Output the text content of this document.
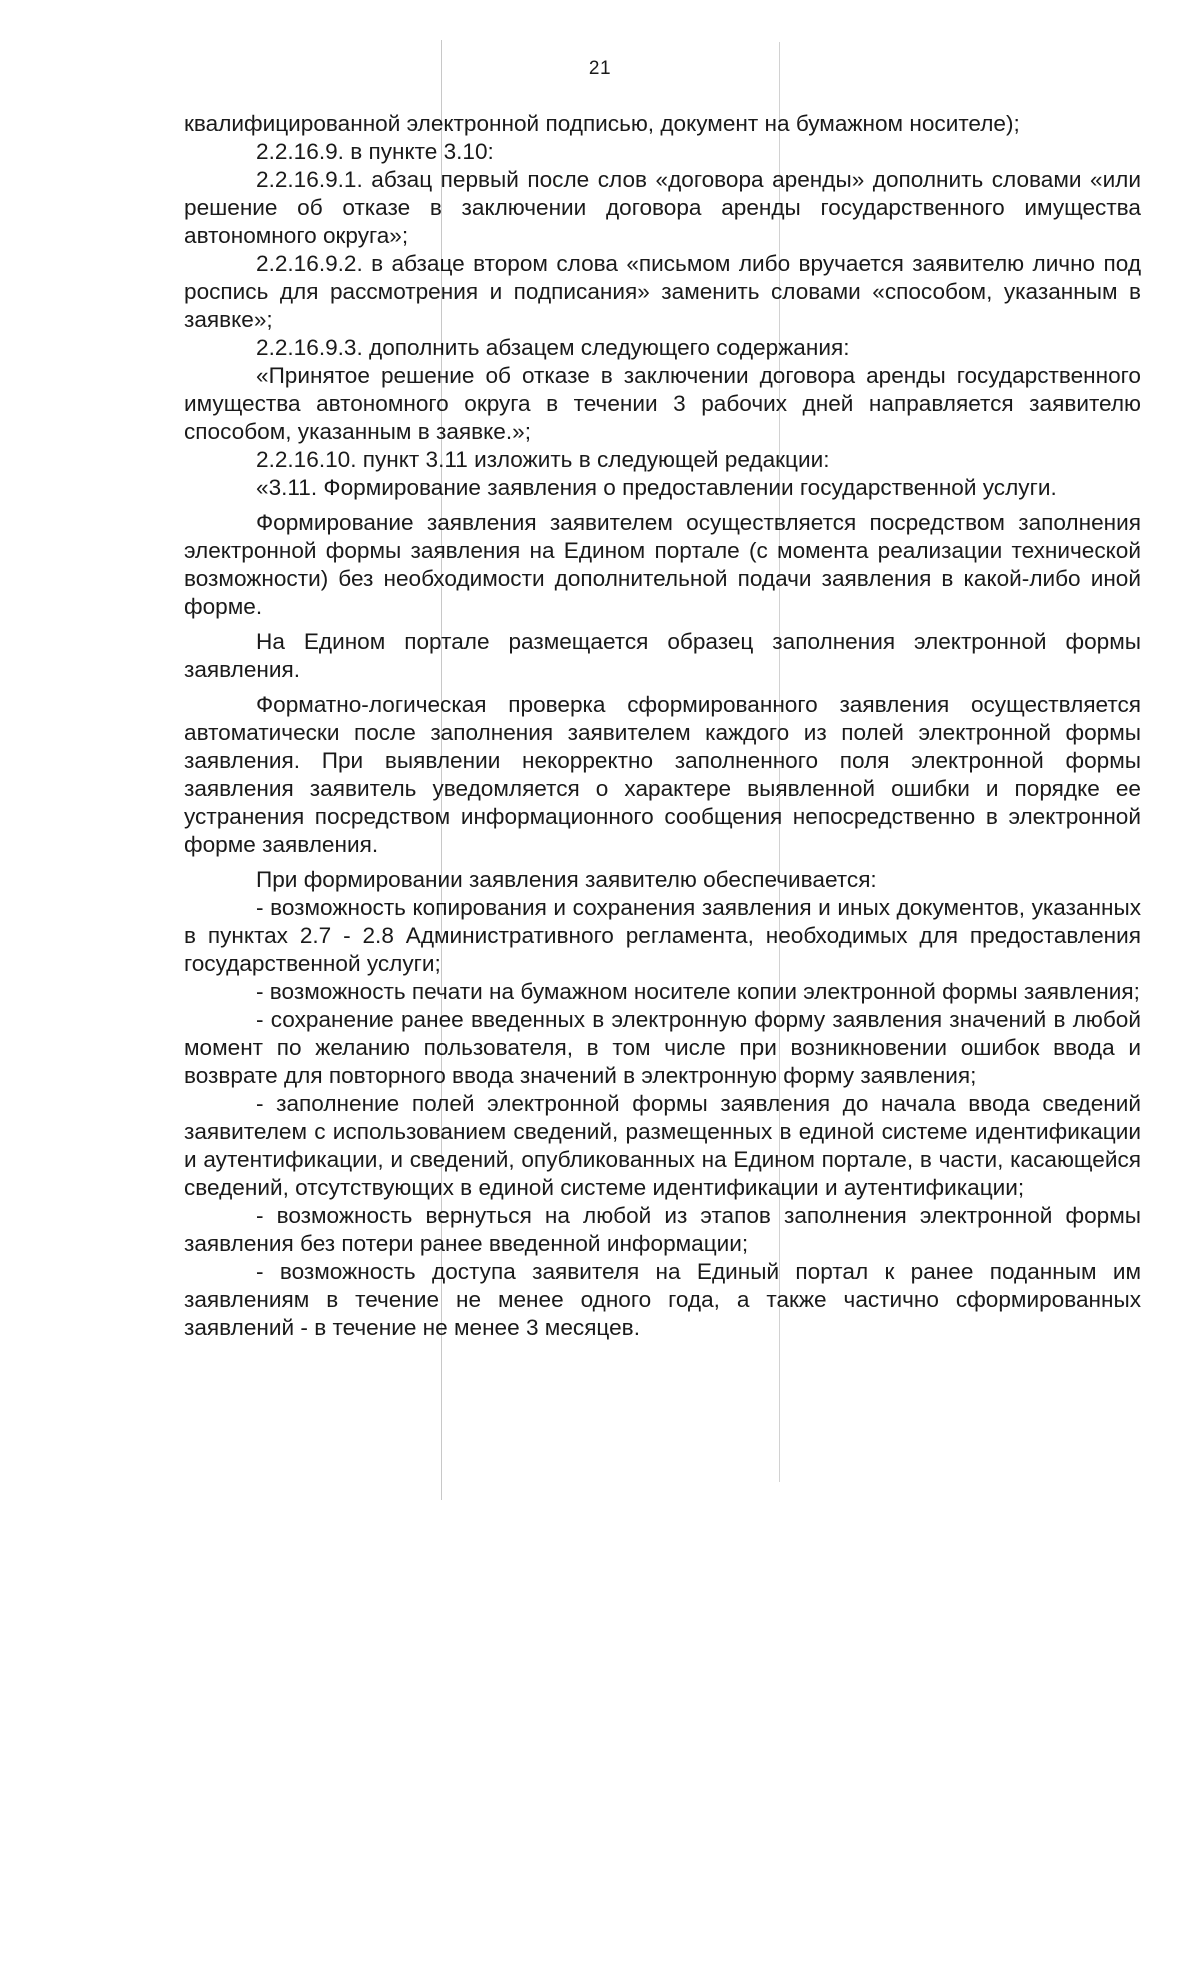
21

квалифицированной электронной подписью, документ на бумажном носителе);

2.2.16.9. в пункте 3.10:

2.2.16.9.1. абзац первый после слов «договора аренды» дополнить словами «или решение об отказе в заключении договора аренды государственного имущества автономного округа»;

2.2.16.9.2. в абзаце втором слова «письмом либо вручается заявителю лично под роспись для рассмотрения и подписания» заменить словами «способом, указанным в заявке»;

2.2.16.9.3. дополнить абзацем следующего содержания:

«Принятое решение об отказе в заключении договора аренды государственного имущества автономного округа в течении 3 рабочих дней направляется заявителю способом, указанным в заявке.»;

2.2.16.10. пункт 3.11 изложить в следующей редакции:

«3.11. Формирование заявления о предоставлении государственной услуги.

Формирование заявления заявителем осуществляется посредством заполнения электронной формы заявления на Едином портале (с момента реализации технической возможности) без необходимости дополнительной подачи заявления в какой-либо иной форме.

На Едином портале размещается образец заполнения электронной формы заявления.

Форматно-логическая проверка сформированного заявления осуществляется автоматически после заполнения заявителем каждого из полей электронной формы заявления. При выявлении некорректно заполненного поля электронной формы заявления заявитель уведомляется о характере выявленной ошибки и порядке ее устранения посредством информационного сообщения непосредственно в электронной форме заявления.

При формировании заявления заявителю обеспечивается:

- возможность копирования и сохранения заявления и иных документов, указанных в пунктах 2.7 - 2.8 Административного регламента, необходимых для предоставления государственной услуги;

- возможность печати на бумажном носителе копии электронной формы заявления;

- сохранение ранее введенных в электронную форму заявления значений в любой момент по желанию пользователя, в том числе при возникновении ошибок ввода и возврате для повторного ввода значений в электронную форму заявления;

- заполнение полей электронной формы заявления до начала ввода сведений заявителем с использованием сведений, размещенных в единой системе идентификации и аутентификации, и сведений, опубликованных на Едином портале, в части, касающейся сведений, отсутствующих в единой системе идентификации и аутентификации;

- возможность вернуться на любой из этапов заполнения электронной формы заявления без потери ранее введенной информации;

- возможность доступа заявителя на Единый портал к ранее поданным им заявлениям в течение не менее одного года, а также частично сформированных заявлений - в течение не менее 3 месяцев.
